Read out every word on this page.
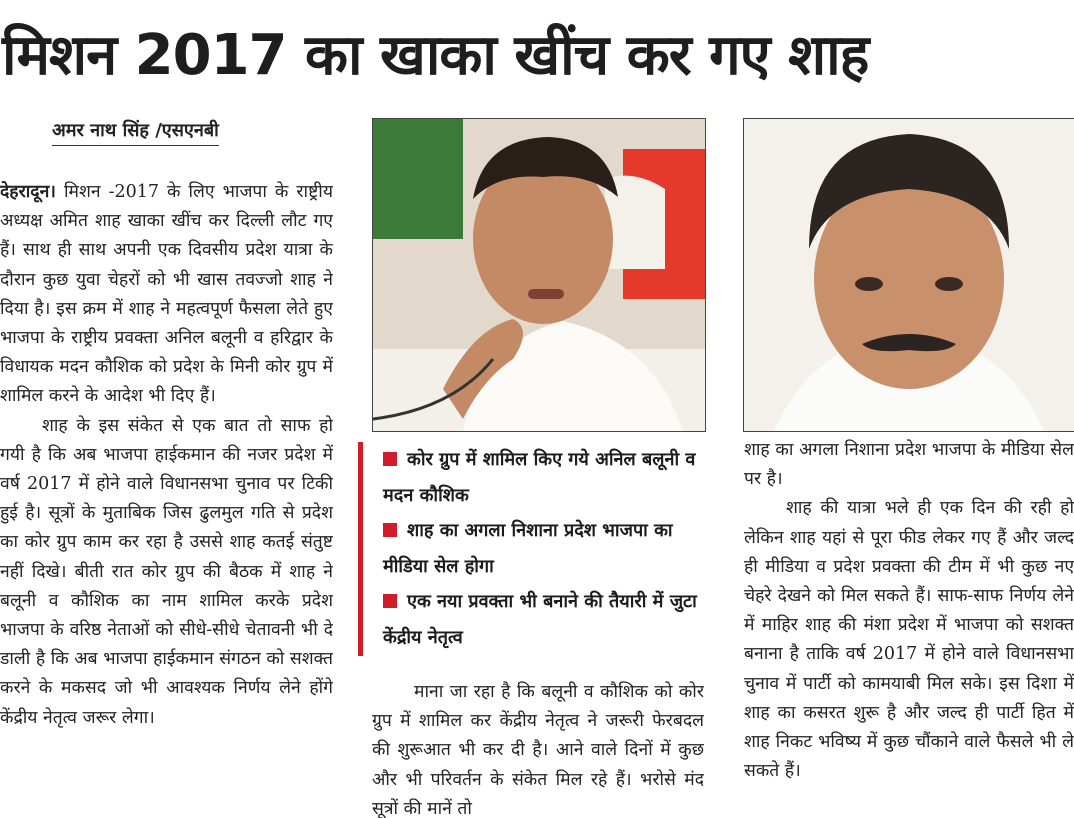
मिशन 2017 का खाका खींच कर गए शाह
अमर नाथ सिंह /एसएनबी

देहरादून। मिशन -2017 के लिए भाजपा के राष्ट्रीय अध्यक्ष अमित शाह खाका खींच कर दिल्ली लौट गए हैं। साथ ही साथ अपनी एक दिवसीय प्रदेश यात्रा के दौरान कुछ युवा चेहरों को भी खास तवज्जो शाह ने दिया है। इस क्रम में शाह ने महत्वपूर्ण फैसला लेते हुए भाजपा के राष्ट्रीय प्रवक्ता अनिल बलूनी व हरिद्वार के विधायक मदन कौशिक को प्रदेश के मिनी कोर ग्रुप में शामिल करने के आदेश भी दिए हैं।

शाह के इस संकेत से एक बात तो साफ हो गयी है कि अब भाजपा हाईकमान की नजर प्रदेश में वर्ष 2017 में होने वाले विधानसभा चुनाव पर टिकी हुई है। सूत्रों के मुताबिक जिस ढुलमुल गति से प्रदेश का कोर ग्रुप काम कर रहा है उससे शाह कतई संतुष्ट नहीं दिखे। बीती रात कोर ग्रुप की बैठक में शाह ने बलूनी व कौशिक का नाम शामिल करके प्रदेश भाजपा के वरिष्ठ नेताओं को सीधे-सीधे चेतावनी भी दे डाली है कि अब भाजपा हाईकमान संगठन को सशक्त करने के मकसद जो भी आवश्यक निर्णय लेने होंगे केंद्रीय नेतृत्व जरूर लेगा।

कोर ग्रुप में शामिल किए गये अनिल बलूनी व मदन कौशिक
शाह का अगला निशाना प्रदेश भाजपा का मीडिया सेल होगा
एक नया प्रवक्ता भी बनाने की तैयारी में जुटा केंद्रीय नेतृत्व

माना जा रहा है कि बलूनी व कौशिक को कोर ग्रुप में शामिल कर केंद्रीय नेतृत्व ने जरूरी फेरबदल की शुरूआत भी कर दी है। आने वाले दिनों में कुछ और भी परिवर्तन के संकेत मिल रहे हैं। भरोसे मंद सूत्रों की मानें तो

शाह का अगला निशाना प्रदेश भाजपा के मीडिया सेल पर है।

शाह की यात्रा भले ही एक दिन की रही हो लेकिन शाह यहां से पूरा फीड लेकर गए हैं और जल्द ही मीडिया व प्रदेश प्रवक्ता की टीम में भी कुछ नए चेहरे देखने को मिल सकते हैं। साफ-साफ निर्णय लेने में माहिर शाह की मंशा प्रदेश में भाजपा को सशक्त बनाना है ताकि वर्ष 2017 में होने वाले विधानसभा चुनाव में पार्टी को कामयाबी मिल सके। इस दिशा में शाह का कसरत शुरू है और जल्द ही पार्टी हित में शाह निकट भविष्य में कुछ चौंकाने वाले फैसले भी ले सकते हैं।
